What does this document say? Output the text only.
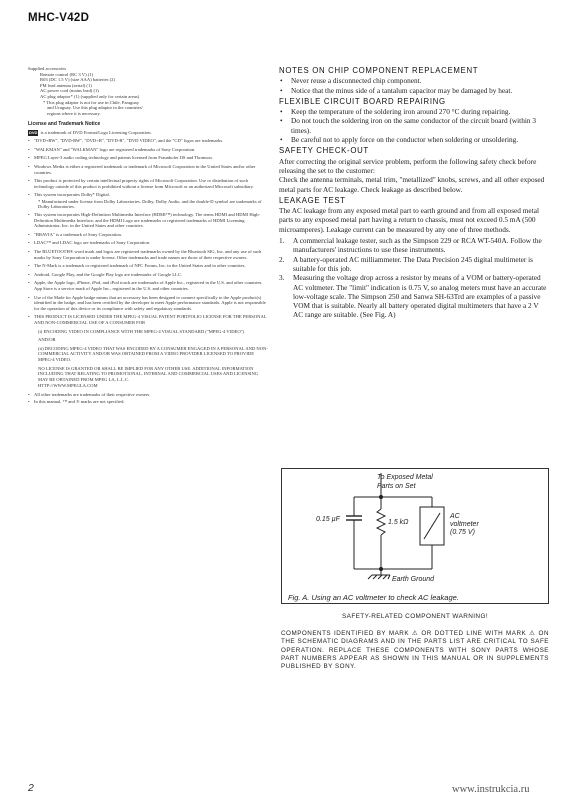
MHC-V42D
Supplied accessories
Remote control (RC 3 V) (1)
R03 (DC 1.5 V) (size AAA) batteries (2)
FM lead antenna (aerial) (1)
AC power cord (mains lead) (1)
AC plug adaptor* (1) (supplied only for certain areas)
* This plug adaptor is not for use in Chile, Paraguay
and Uruguay. Use this plug adaptor in the countries/
regions where it is necessary.
License and Trademark Notice

DVD is a trademark of DVD Format/Logo Licensing Corporation.

• "DVD+RW", "DVD-RW", "DVD+R", "DVD-R", "DVD VIDEO", and the "CD" logos are trademarks.
• "WALKMAN" and "WALKMAN" logo are registered trademarks of Sony Corporation.
• MPEG Layer-3 audio coding technology and patents licensed from Fraunhofer IIS and Thomson.
• Windows Media is either a registered trademark or trademark of Microsoft Corporation in the United States and/or other countries.
• This product is protected by certain intellectual property rights of Microsoft Corporation. Use or distribution of such technology outside of this product is prohibited without a license from Microsoft or an authorized Microsoft subsidiary.
• This system incorporates Dolby* Digital.
* Manufactured under license from Dolby Laboratories. Dolby, Dolby Audio, and the double-D symbol are trademarks of Dolby Laboratories.
• This system incorporates High-Definition Multimedia Interface (HDMI™) technology. The terms HDMI and HDMI High-Definition Multimedia Interface, and the HDMI Logo are trademarks or registered trademarks of HDMI Licensing Administrator, Inc. in the United States and other countries.
• "BRAVIA" is a trademark of Sony Corporation.
• LDAC™ and LDAC logo are trademarks of Sony Corporation.
• The BLUETOOTH® word mark and logos are registered trademarks owned by the Bluetooth SIG, Inc. and any use of such marks by Sony Corporation is under license. Other trademarks and trade names are those of their respective owners.
• The N-Mark is a trademark or registered trademark of NFC Forum, Inc. in the United States and in other countries.
• Android, Google Play, and the Google Play logo are trademarks of Google LLC.
• Apple, the Apple logo, iPhone, iPod, and iPod touch are trademarks of Apple Inc., registered in the U.S. and other countries. App Store is a service mark of Apple Inc., registered in the U.S. and other countries.
• Use of the Made for Apple badge means that an accessory has been designed to connect specifically to the Apple product(s) identified in the badge, and has been certified by the developer to meet Apple performance standards. Apple is not responsible for the operation of this device or its compliance with safety and regulatory standards.
• THIS PRODUCT IS LICENSED UNDER THE MPEG-4 VISUAL PATENT PORTFOLIO LICENSE FOR THE PERSONAL AND NON-COMMERCIAL USE OF A CONSUMER FOR
(i) ENCODING VIDEO IN COMPLIANCE WITH THE MPEG-4 VISUAL STANDARD ("MPEG-4 VIDEO")
AND/OR
(ii) DECODING MPEG-4 VIDEO THAT WAS ENCODED BY A CONSUMER ENGAGED IN A PERSONAL AND NON-COMMERCIAL ACTIVITY AND/OR WAS OBTAINED FROM A VIDEO PROVIDER LICENSED TO PROVIDE MPEG-4 VIDEO.
NO LICENSE IS GRANTED OR SHALL BE IMPLIED FOR ANY OTHER USE. ADDITIONAL INFORMATION INCLUDING THAT RELATING TO PROMOTIONAL, INTERNAL AND COMMERCIAL USES AND LICENSING MAY BE OBTAINED FROM MPEG LA, L.L.C.
HTTP://WWW.MPEGLA.COM
• All other trademarks are trademarks of their respective owners.
• In this manual, ™ and ® marks are not specified.
NOTES ON CHIP COMPONENT REPLACEMENT
• Never reuse a disconnected chip component.
• Notice that the minus side of a tantalum capacitor may be damaged by heat.
FLEXIBLE CIRCUIT BOARD REPAIRING
• Keep the temperature of the soldering iron around 270 °C during repairing.
• Do not touch the soldering iron on the same conductor of the circuit board (within 3 times).
• Be careful not to apply force on the conductor when soldering or unsoldering.
SAFETY CHECK-OUT

After correcting the original service problem, perform the following safety check before releasing the set to the customer:

Check the antenna terminals, metal trim, "metallized" knobs, screws, and all other exposed metal parts for AC leakage. Check leakage as described below.

LEAKAGE TEST

The AC leakage from any exposed metal part to earth ground and from all exposed metal parts to any exposed metal part having a return to chassis, must not exceed 0.5 mA (500 microamperes). Leakage current can be measured by any one of three methods.

1. A commercial leakage tester, such as the Simpson 229 or RCA WT-540A. Follow the manufacturers' instructions to use these instruments.
2. A battery-operated AC milliammeter. The Data Precision 245 digital multimeter is suitable for this job.
3. Measuring the voltage drop across a resistor by means of a VOM or battery-operated AC voltmeter. The "limit" indication is 0.75 V, so analog meters must have an accurate low-voltage scale. The Simpson 250 and Sanwa SH-63Trd are examples of a passive VOM that is suitable. Nearly all battery operated digital multimeters that have a 2 V AC range are suitable. (See Fig. A)
To Exposed Metal
Parts on Set
0.15 µF	1.5 kΩ
AC
voltmeter
(0.75 V)
Earth Ground
Fig. A. Using an AC voltmeter to check AC leakage.
SAFETY-RELATED COMPONENT WARNING!
COMPONENTS IDENTIFIED BY MARK ⚠ OR DOTTED LINE WITH MARK ⚠ ON THE SCHEMATIC DIAGRAMS AND IN THE PARTS LIST ARE CRITICAL TO SAFE OPERATION. REPLACE THESE COMPONENTS WITH SONY PARTS WHOSE PART NUMBERS APPEAR AS SHOWN IN THIS MANUAL OR IN SUPPLEMENTS PUBLISHED BY SONY.
2	www.instrukcia.ru
